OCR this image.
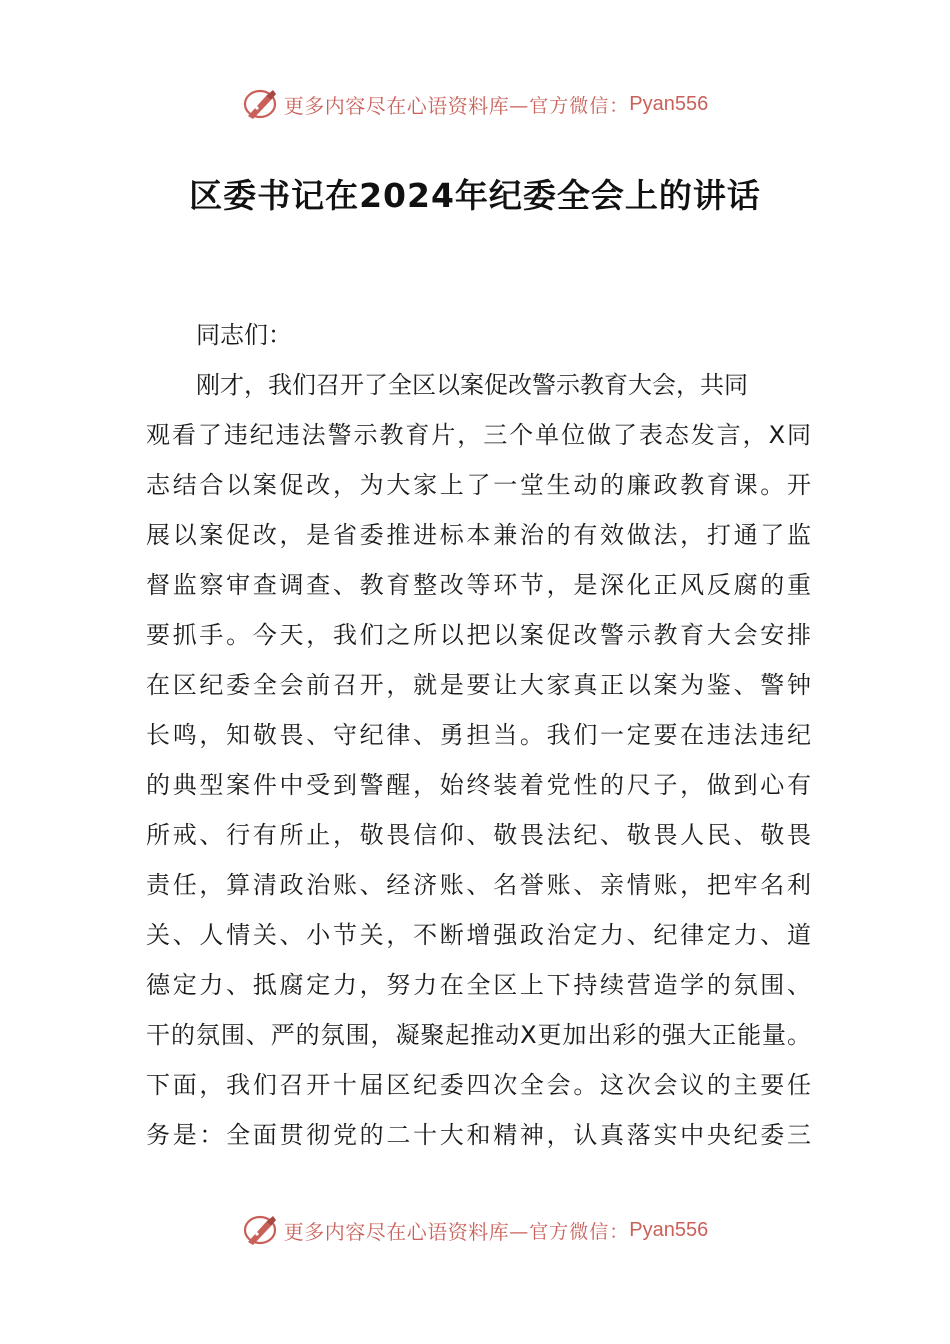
更多内容尽在心语资料库 —官方微信： Pyan556
区委书记在2024年纪委全会上的讲话
同志们：
刚才，我们召开了全区以案促改警示教育大会，共同
观看了违纪违法警示教育片，三个单位做了表态发言，X同
志结合以案促改，为大家上了一堂生动的廉政教育课。开
展以案促改，是省委推进标本兼治的有效做法，打通了监
督监察审查调查、教育整改等环节，是深化正风反腐的重
要抓手。今天，我们之所以把以案促改警示教育大会安排
在区纪委全会前召开，就是要让大家真正以案为鉴、警钟
长鸣，知敬畏、守纪律、勇担当。我们一定要在违法违纪
的典型案件中受到警醒，始终装着党性的尺子，做到心有
所戒、行有所止，敬畏信仰、敬畏法纪、敬畏人民、敬畏
责任，算清政治账、经济账、名誉账、亲情账，把牢名利
关、人情关、小节关，不断增强政治定力、纪律定力、道
德定力、抵腐定力，努力在全区上下持续营造学的氛围、
干的氛围、严的氛围，凝聚起推动X更加出彩的强大正能量。
下面，我们召开十届区纪委四次全会。这次会议的主要任
务是：全面贯彻党的二十大和精神，认真落实中央纪委三
更多内容尽在心语资料库 —官方微信： Pyan556
